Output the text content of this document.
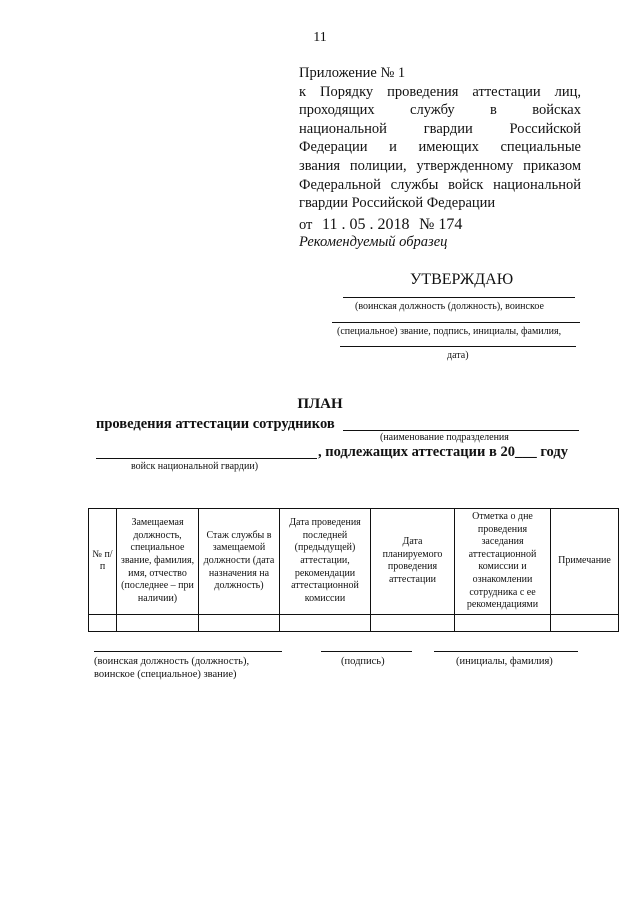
11
Приложение № 1
к Порядку проведения аттестации лиц,
проходящих службу в войсках
национальной гвардии Российской
Федерации и имеющих специальные
звания полиции, утвержденному приказом
Федеральной службы войск национальной
гвардии Российской Федерации
от 11 . 05 . 2018 № 174
Рекомендуемый образец
УТВЕРЖДАЮ
(воинская должность (должность), воинское
(специальное) звание, подпись, инициалы, фамилия,
дата)
ПЛАН
проведения аттестации сотрудников
(наименование подразделения
, подлежащих аттестации в 20___ году
войск национальной гвардии)
№ п/п	Замещаемая должность, специальное звание, фамилия, имя, отчество (последнее – при наличии)	Стаж службы в замещаемой должности (дата назначения на должность)	Дата проведения последней (предыдущей) аттестации, рекомендации аттестационной комиссии	Дата планируемого проведения аттестации	Отметка о дне проведения заседания аттестационной комиссии и ознакомлении сотрудника с ее рекомендациями	Примечание

(воинская должность (должность),
воинское (специальное) звание)
(подпись)	(инициалы, фамилия)
